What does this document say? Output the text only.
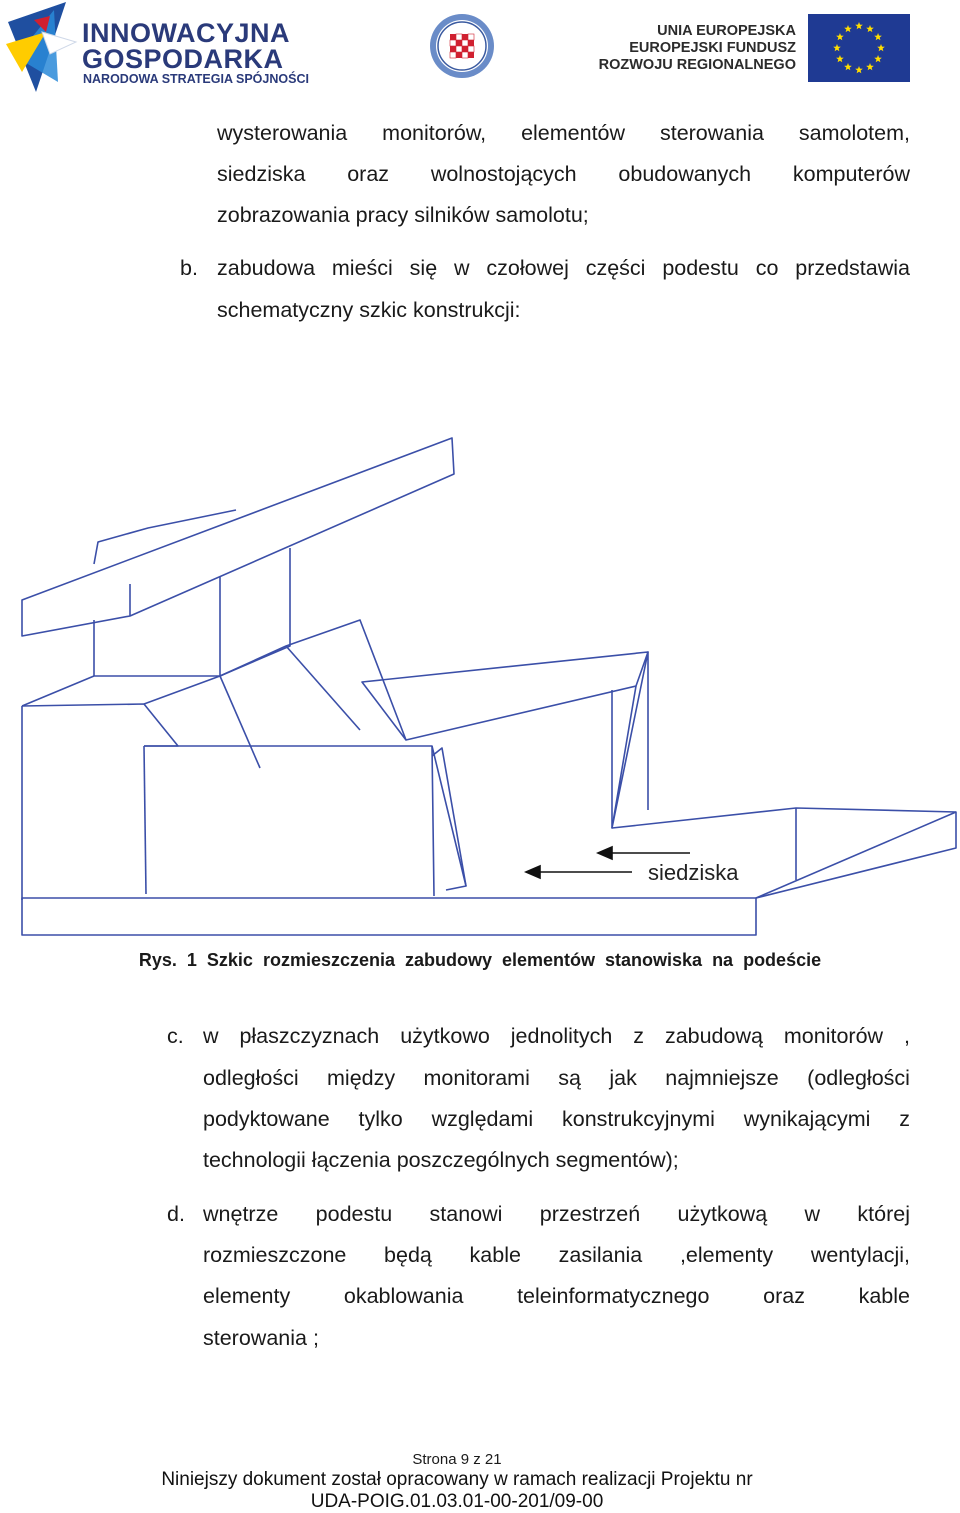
INNOWACYJNA
GOSPODARKA
NARODOWA STRATEGIA SPÓJNOŚCI
UNIA EUROPEJSKA
EUROPEJSKI FUNDUSZ
ROZWOJU REGIONALNEGO
wysterowania monitorów, elementów sterowania samolotem,
siedziska oraz wolnostojących obudowanych komputerów
zobrazowania pracy silników samolotu;
b. zabudowa mieści się w czołowej części podestu co przedstawia
schematyczny szkic konstrukcji:
siedziska
Rys. 1 Szkic rozmieszczenia zabudowy elementów stanowiska na podeście
c. w płaszczyznach użytkowo jednolitych z zabudową monitorów ,
odległości między monitorami są jak najmniejsze (odległości
podyktowane tylko względami konstrukcyjnymi wynikającymi z
technologii łączenia poszczególnych segmentów);
d. wnętrze podestu stanowi przestrzeń użytkową w której
rozmieszczone będą kable zasilania ,elementy wentylacji,
elementy okablowania teleinformatycznego oraz kable
sterowania ;
Strona 9 z 21
Niniejszy dokument został opracowany w ramach realizacji Projektu nr
UDA-POIG.01.03.01-00-201/09-00
